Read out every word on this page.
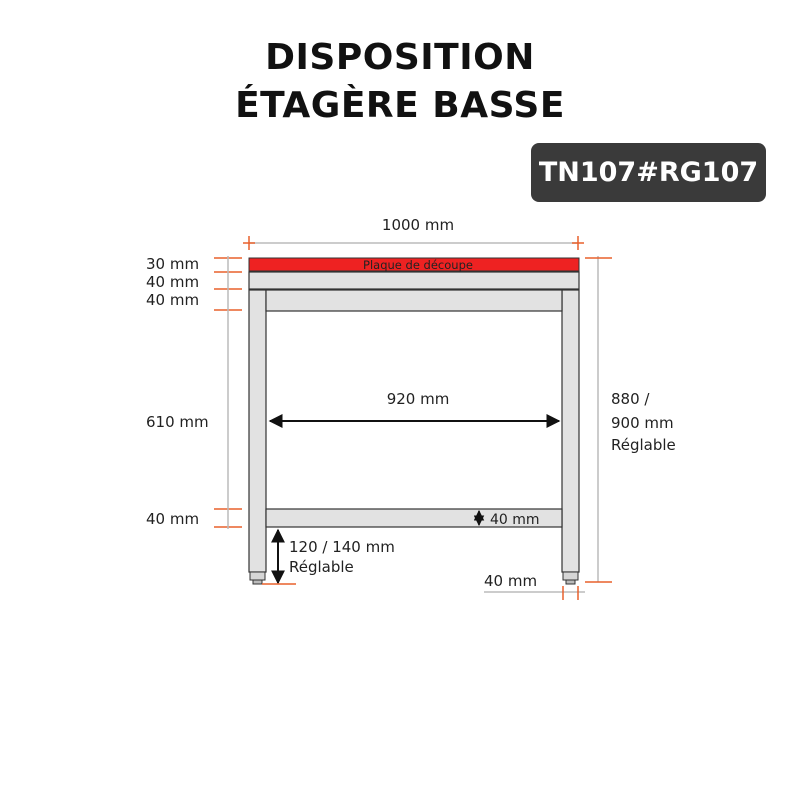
DISPOSITION
ÉTAGÈRE BASSE
TN107#RG107
1000 mm
Plaque de découpe
920 mm
30 mm
40 mm
40 mm
610 mm
40 mm
880 /
900 mm
Réglable
40 mm
40 mm
120 / 140 mm
Réglable
